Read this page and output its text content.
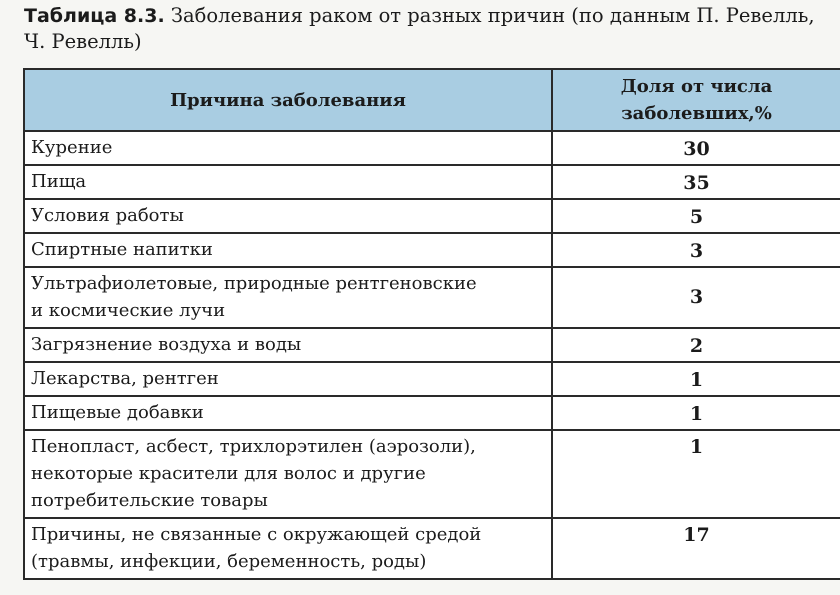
Таблица 8.3. Заболевания раком от разных причин (по данным П. Ревелль,
Ч. Ревелль)
Причина заболевания	Доля от числа
заболевших,%

Курение	30

Пища	35

Условия работы	5

Спиртные напитки	3

Ультрафиолетовые, природные рентгеновские
и космические лучи	3

Загрязнение воздуха и воды	2

Лекарства, рентген	1

Пищевые добавки	1

Пенопласт, асбест, трихлорэтилен (аэрозоли),
некоторые красители для волос и другие
потребительские товары	1

Причины, не связанные с окружающей средой
(травмы, инфекции, беременность, роды)	17
